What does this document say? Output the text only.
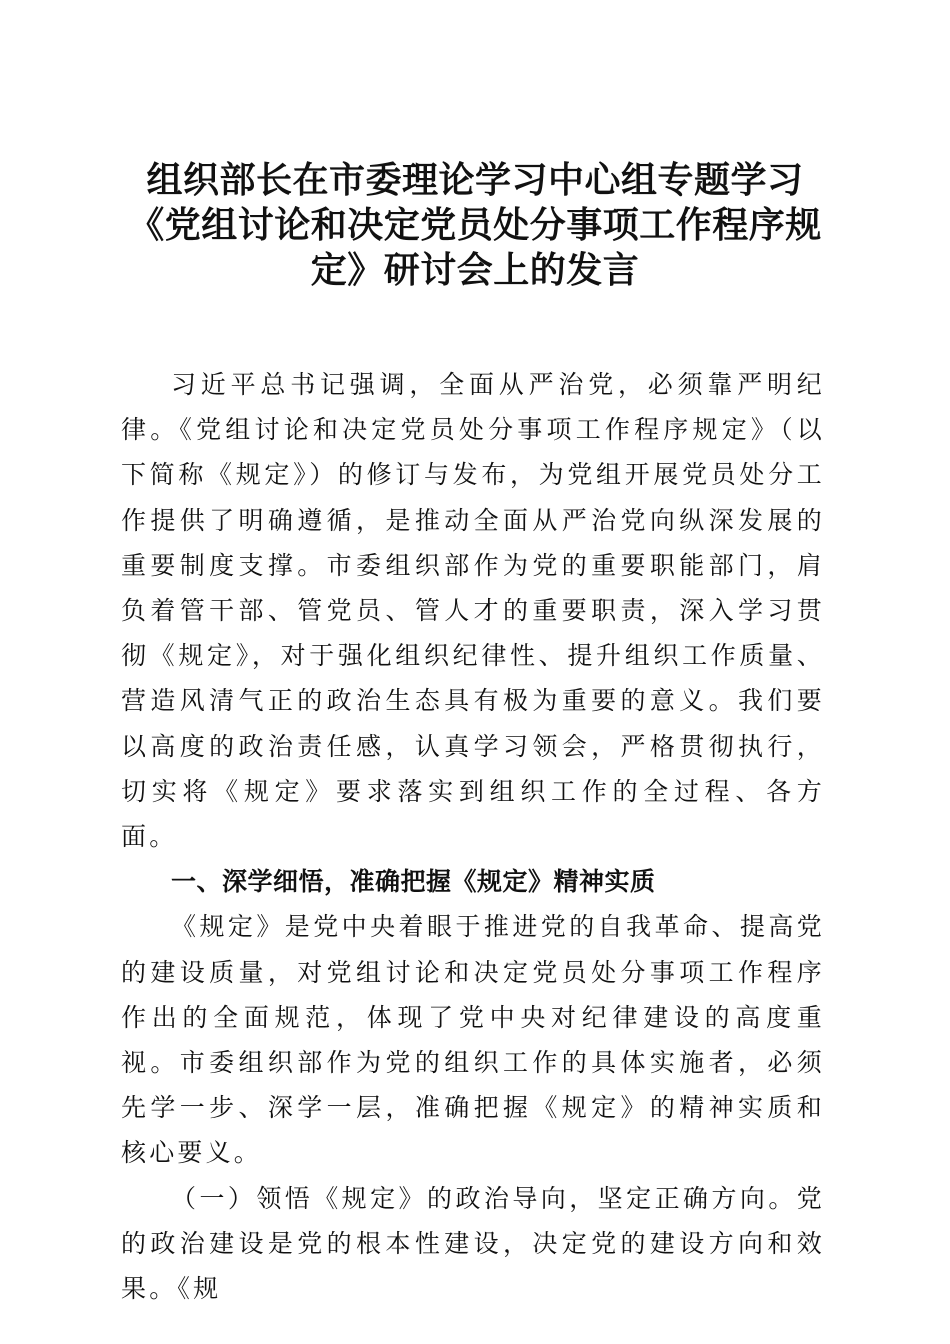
组织部长在市委理论学习中心组专题学习《党组讨论和决定党员处分事项工作程序规定》研讨会上的发言

习近平总书记强调，全面从严治党，必须靠严明纪律。《党组讨论和决定党员处分事项工作程序规定》（以下简称《规定》）的修订与发布，为党组开展党员处分工作提供了明确遵循，是推动全面从严治党向纵深发展的重要制度支撑。市委组织部作为党的重要职能部门，肩负着管干部、管党员、管人才的重要职责，深入学习贯彻《规定》，对于强化组织纪律性、提升组织工作质量、营造风清气正的政治生态具有极为重要的意义。我们要以高度的政治责任感，认真学习领会，严格贯彻执行，切实将《规定》要求落实到组织工作的全过程、各方面。

一、深学细悟，准确把握《规定》精神实质

《规定》是党中央着眼于推进党的自我革命、提高党的建设质量，对党组讨论和决定党员处分事项工作程序作出的全面规范，体现了党中央对纪律建设的高度重视。市委组织部作为党的组织工作的具体实施者，必须先学一步、深学一层，准确把握《规定》的精神实质和核心要义。

（一）领悟《规定》的政治导向，坚定正确方向。党的政治建设是党的根本性建设，决定党的建设方向和效果。《规
